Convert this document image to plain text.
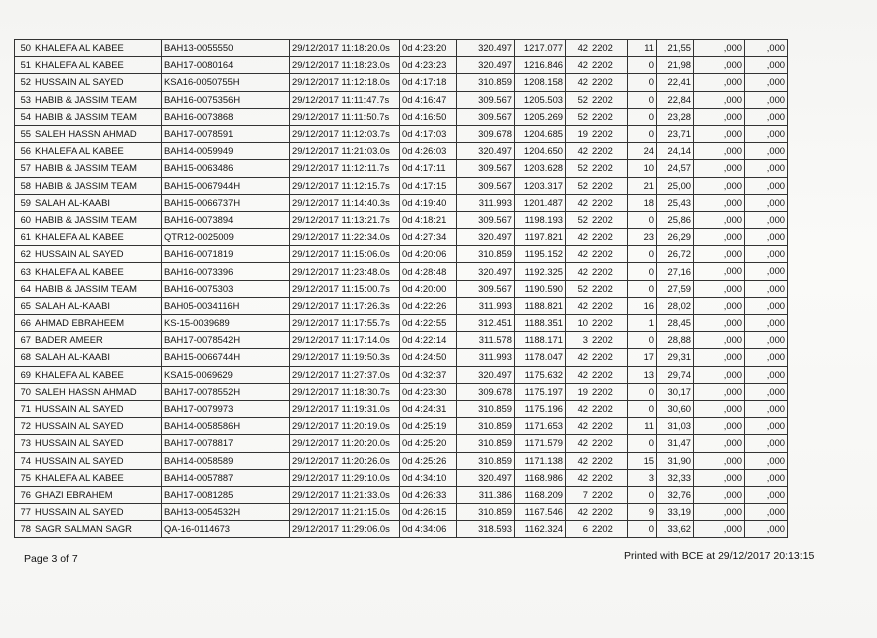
50	KHALEFA AL KABEE	BAH13-0055550	29/12/2017 11:18:20.0s	0d 4:23:20	320.497	1217.077	42	2202	11	21,55	,000	,000
51	KHALEFA AL KABEE	BAH17-0080164	29/12/2017 11:18:23.0s	0d 4:23:23	320.497	1216.846	42	2202	0	21,98	,000	,000
52	HUSSAIN AL SAYED	KSA16-0050755H	29/12/2017 11:12:18.0s	0d 4:17:18	310.859	1208.158	42	2202	0	22,41	,000	,000
53	HABIB & JASSIM TEAM	BAH16-0075356H	29/12/2017 11:11:47.7s	0d 4:16:47	309.567	1205.503	52	2202	0	22,84	,000	,000
54	HABIB & JASSIM TEAM	BAH16-0073868	29/12/2017 11:11:50.7s	0d 4:16:50	309.567	1205.269	52	2202	0	23,28	,000	,000
55	SALEH HASSN AHMAD	BAH17-0078591	29/12/2017 11:12:03.7s	0d 4:17:03	309.678	1204.685	19	2202	0	23,71	,000	,000
56	KHALEFA AL KABEE	BAH14-0059949	29/12/2017 11:21:03.0s	0d 4:26:03	320.497	1204.650	42	2202	24	24,14	,000	,000
57	HABIB & JASSIM TEAM	BAH15-0063486	29/12/2017 11:12:11.7s	0d 4:17:11	309.567	1203.628	52	2202	10	24,57	,000	,000
58	HABIB & JASSIM TEAM	BAH15-0067944H	29/12/2017 11:12:15.7s	0d 4:17:15	309.567	1203.317	52	2202	21	25,00	,000	,000
59	SALAH AL-KAABI	BAH15-0066737H	29/12/2017 11:14:40.3s	0d 4:19:40	311.993	1201.487	42	2202	18	25,43	,000	,000
60	HABIB & JASSIM TEAM	BAH16-0073894	29/12/2017 11:13:21.7s	0d 4:18:21	309.567	1198.193	52	2202	0	25,86	,000	,000
61	KHALEFA AL KABEE	QTR12-0025009	29/12/2017 11:22:34.0s	0d 4:27:34	320.497	1197.821	42	2202	23	26,29	,000	,000
62	HUSSAIN AL SAYED	BAH16-0071819	29/12/2017 11:15:06.0s	0d 4:20:06	310.859	1195.152	42	2202	0	26,72	,000	,000
63	KHALEFA AL KABEE	BAH16-0073396	29/12/2017 11:23:48.0s	0d 4:28:48	320.497	1192.325	42	2202	0	27,16	,000	,000
64	HABIB & JASSIM TEAM	BAH16-0075303	29/12/2017 11:15:00.7s	0d 4:20:00	309.567	1190.590	52	2202	0	27,59	,000	,000
65	SALAH AL-KAABI	BAH05-0034116H	29/12/2017 11:17:26.3s	0d 4:22:26	311.993	1188.821	42	2202	16	28,02	,000	,000
66	AHMAD EBRAHEEM	KS-15-0039689	29/12/2017 11:17:55.7s	0d 4:22:55	312.451	1188.351	10	2202	1	28,45	,000	,000
67	BADER AMEER	BAH17-0078542H	29/12/2017 11:17:14.0s	0d 4:22:14	311.578	1188.171	3	2202	0	28,88	,000	,000
68	SALAH AL-KAABI	BAH15-0066744H	29/12/2017 11:19:50.3s	0d 4:24:50	311.993	1178.047	42	2202	17	29,31	,000	,000
69	KHALEFA AL KABEE	KSA15-0069629	29/12/2017 11:27:37.0s	0d 4:32:37	320.497	1175.632	42	2202	13	29,74	,000	,000
70	SALEH HASSN AHMAD	BAH17-0078552H	29/12/2017 11:18:30.7s	0d 4:23:30	309.678	1175.197	19	2202	0	30,17	,000	,000
71	HUSSAIN AL SAYED	BAH17-0079973	29/12/2017 11:19:31.0s	0d 4:24:31	310.859	1175.196	42	2202	0	30,60	,000	,000
72	HUSSAIN AL SAYED	BAH14-0058586H	29/12/2017 11:20:19.0s	0d 4:25:19	310.859	1171.653	42	2202	11	31,03	,000	,000
73	HUSSAIN AL SAYED	BAH17-0078817	29/12/2017 11:20:20.0s	0d 4:25:20	310.859	1171.579	42	2202	0	31,47	,000	,000
74	HUSSAIN AL SAYED	BAH14-0058589	29/12/2017 11:20:26.0s	0d 4:25:26	310.859	1171.138	42	2202	15	31,90	,000	,000
75	KHALEFA AL KABEE	BAH14-0057887	29/12/2017 11:29:10.0s	0d 4:34:10	320.497	1168.986	42	2202	3	32,33	,000	,000
76	GHAZI EBRAHEM	BAH17-0081285	29/12/2017 11:21:33.0s	0d 4:26:33	311.386	1168.209	7	2202	0	32,76	,000	,000
77	HUSSAIN AL SAYED	BAH13-0054532H	29/12/2017 11:21:15.0s	0d 4:26:15	310.859	1167.546	42	2202	9	33,19	,000	,000
78	SAGR SALMAN SAGR	QA-16-0114673	29/12/2017 11:29:06.0s	0d 4:34:06	318.593	1162.324	6	2202	0	33,62	,000	,000
Page 3 of 7	Printed with BCE at 29/12/2017 20:13:15
